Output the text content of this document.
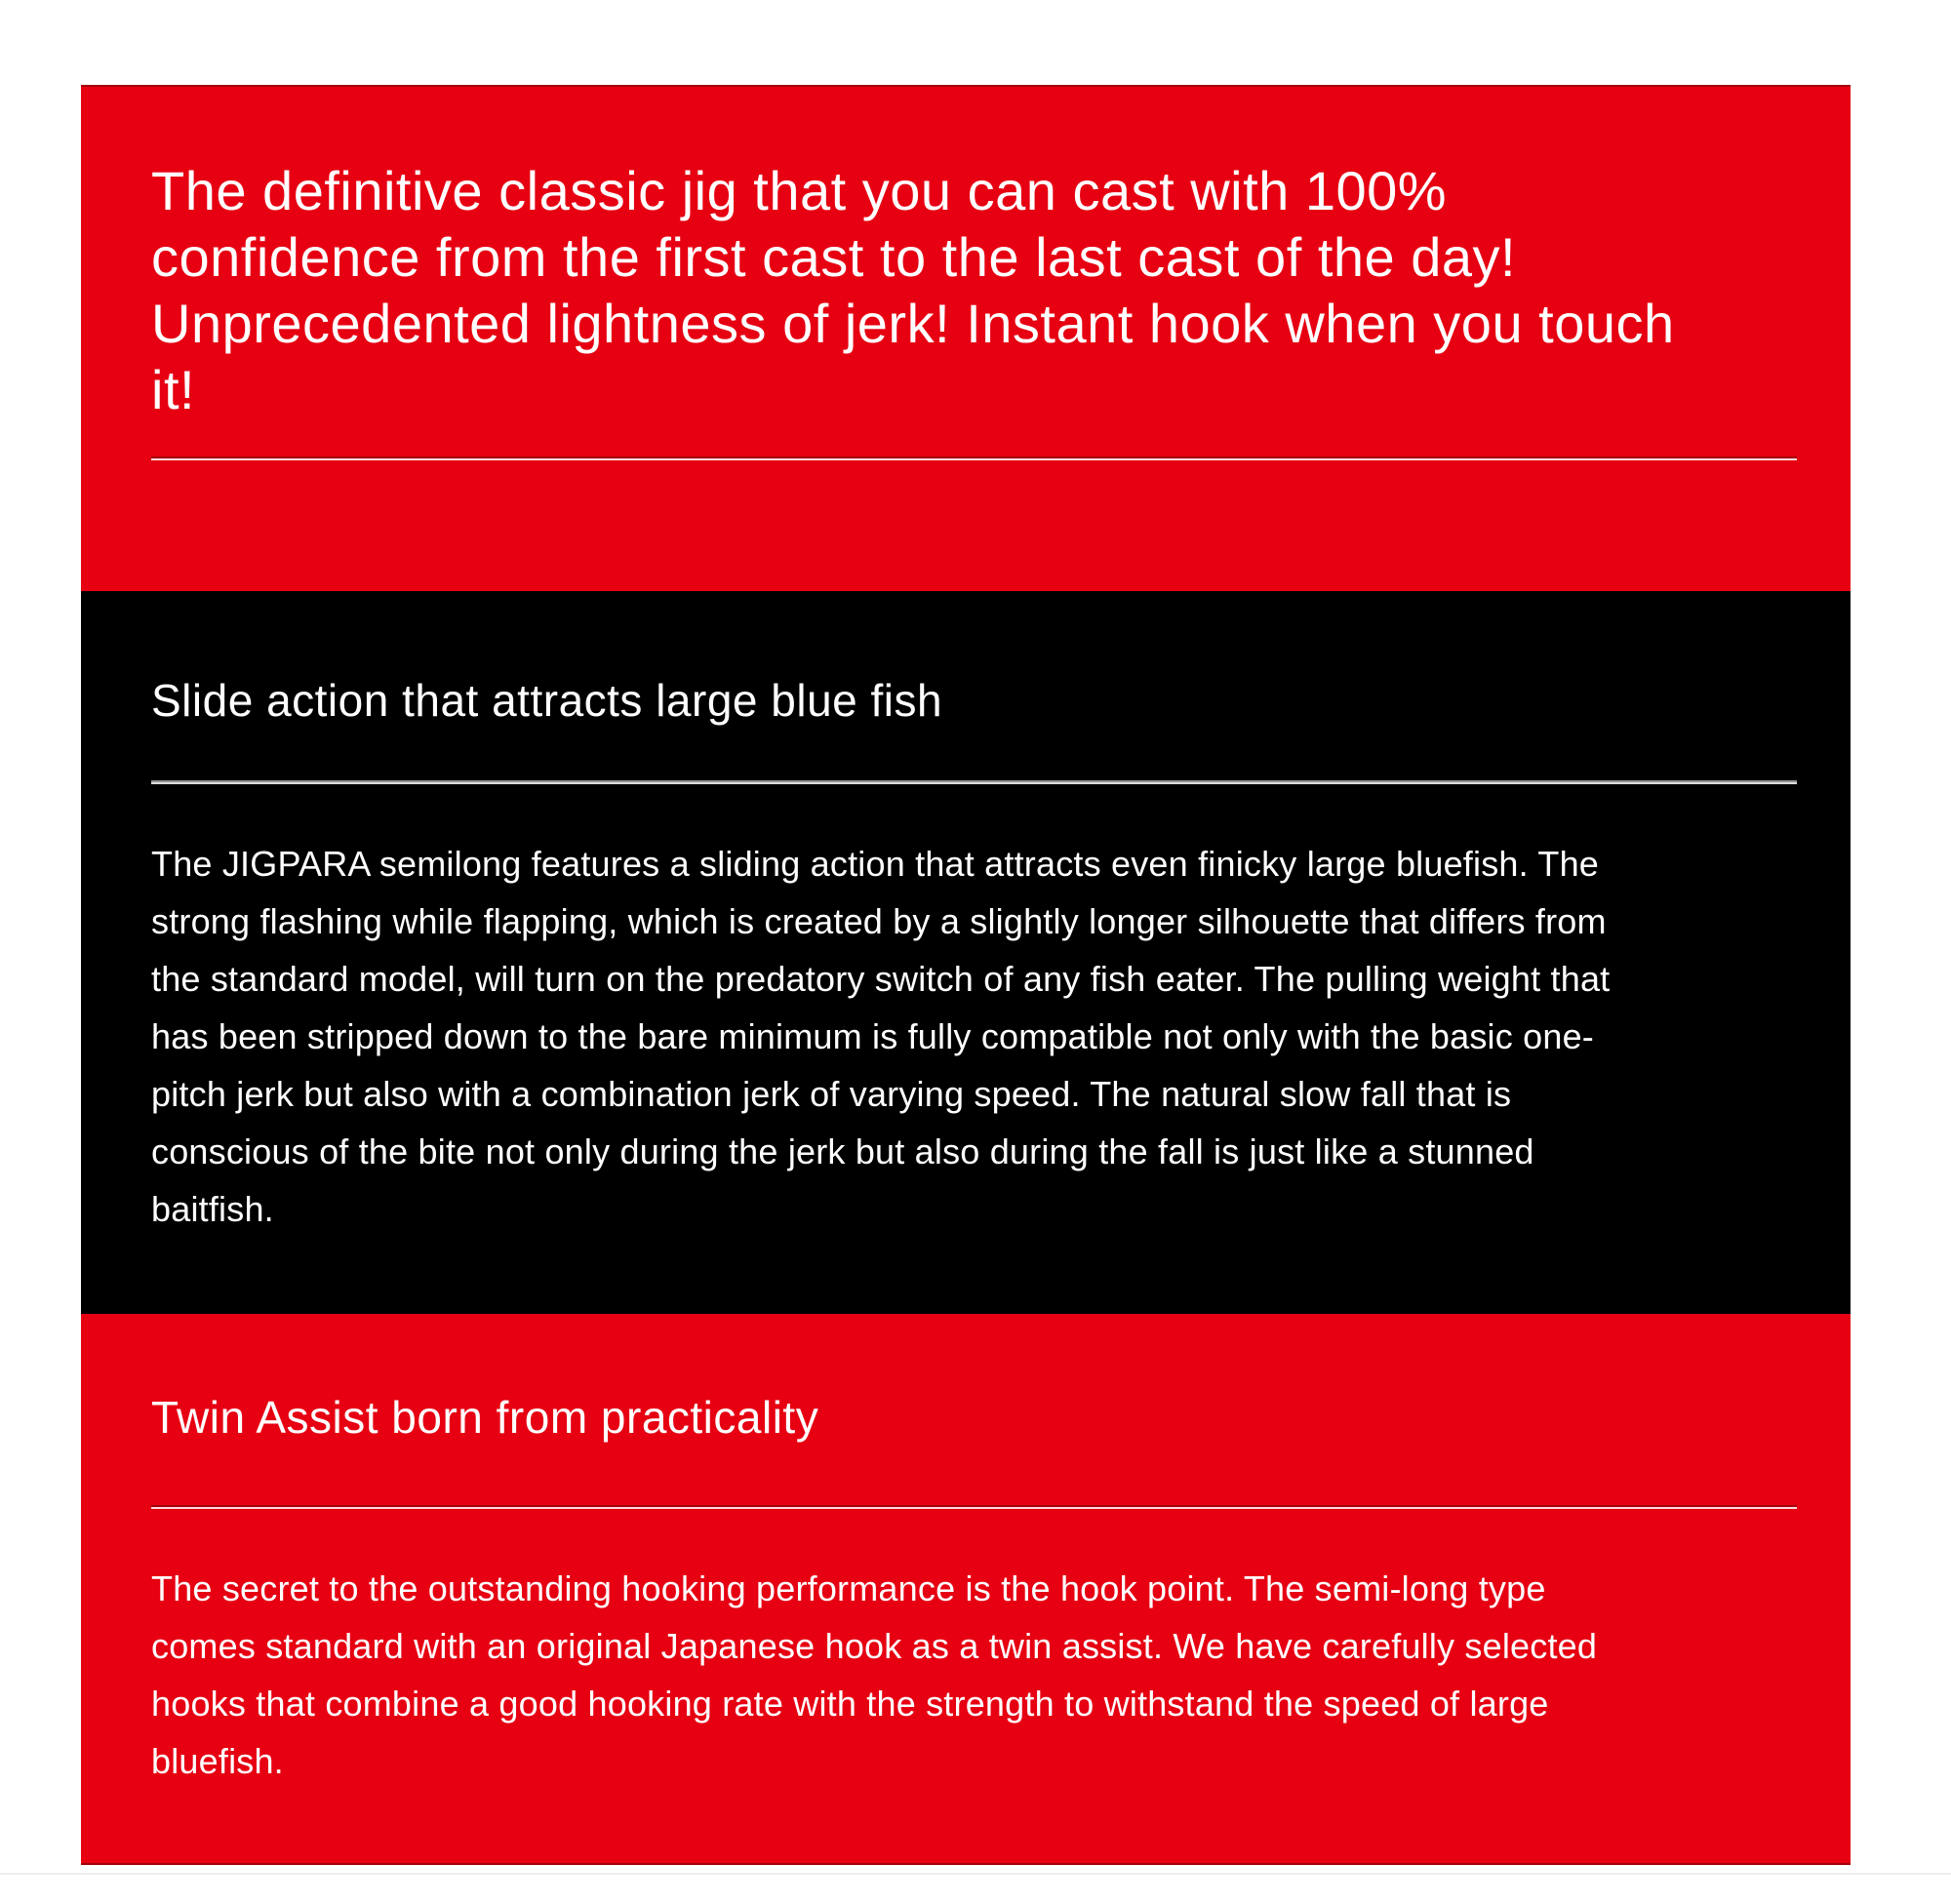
The definitive classic jig that you can cast with 100%
confidence from the first cast to the last cast of the day!
Unprecedented lightness of jerk! Instant hook when you touch
it!
Slide action that attracts large blue fish
The JIGPARA semilong features a sliding action that attracts even finicky large bluefish. The
strong flashing while flapping, which is created by a slightly longer silhouette that differs from
the standard model, will turn on the predatory switch of any fish eater. The pulling weight that
has been stripped down to the bare minimum is fully compatible not only with the basic one-
pitch jerk but also with a combination jerk of varying speed. The natural slow fall that is
conscious of the bite not only during the jerk but also during the fall is just like a stunned
baitfish.
Twin Assist born from practicality
The secret to the outstanding hooking performance is the hook point. The semi-long type
comes standard with an original Japanese hook as a twin assist. We have carefully selected
hooks that combine a good hooking rate with the strength to withstand the speed of large
bluefish.
